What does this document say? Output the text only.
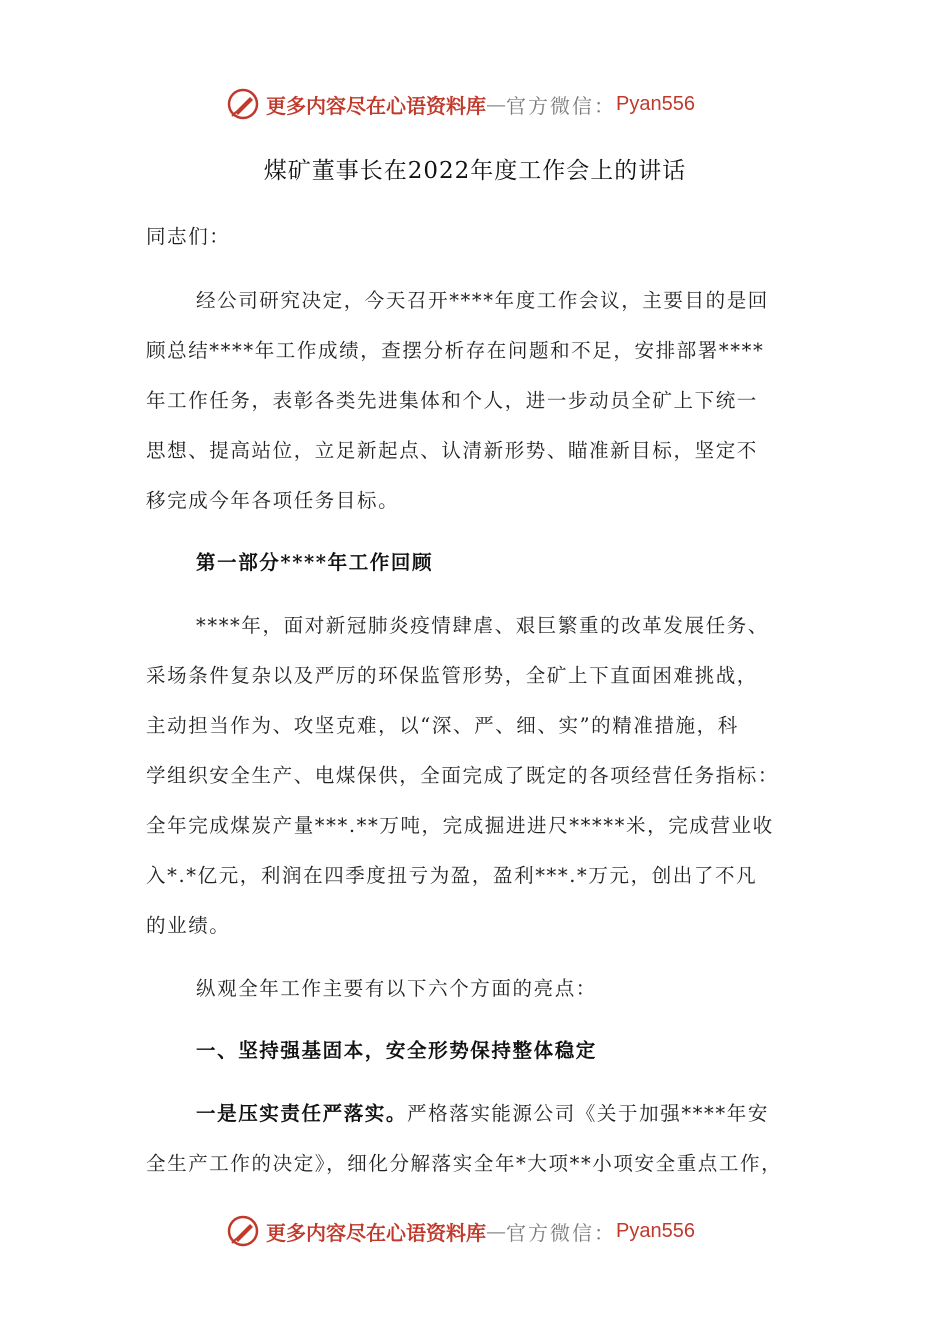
更多内容尽在心语资料库 — 官方微信： Pyan556
煤矿董事长在2022年度工作会上的讲话
同志们：
经公司研究决定，今天召开****年度工作会议，主要目的是回
顾总结****年工作成绩，查摆分析存在问题和不足，安排部署****
年工作任务，表彰各类先进集体和个人，进一步动员全矿上下统一
思想、提高站位，立足新起点、认清新形势、瞄准新目标，坚定不
移完成今年各项任务目标。
第一部分****年工作回顾
****年，面对新冠肺炎疫情肆虐、艰巨繁重的改革发展任务、
采场条件复杂以及严厉的环保监管形势，全矿上下直面困难挑战，
主动担当作为、攻坚克难，以“深、严、细、实”的精准措施，科
学组织安全生产、电煤保供，全面完成了既定的各项经营任务指标：
全年完成煤炭产量***.**万吨，完成掘进进尺*****米，完成营业收
入*.*亿元，利润在四季度扭亏为盈，盈利***.*万元，创出了不凡
的业绩。
纵观全年工作主要有以下六个方面的亮点：
一、坚持强基固本，安全形势保持整体稳定
一是压实责任严落实。严格落实能源公司《关于加强****年安
全生产工作的决定》，细化分解落实全年*大项**小项安全重点工作，
更多内容尽在心语资料库 — 官方微信： Pyan556
